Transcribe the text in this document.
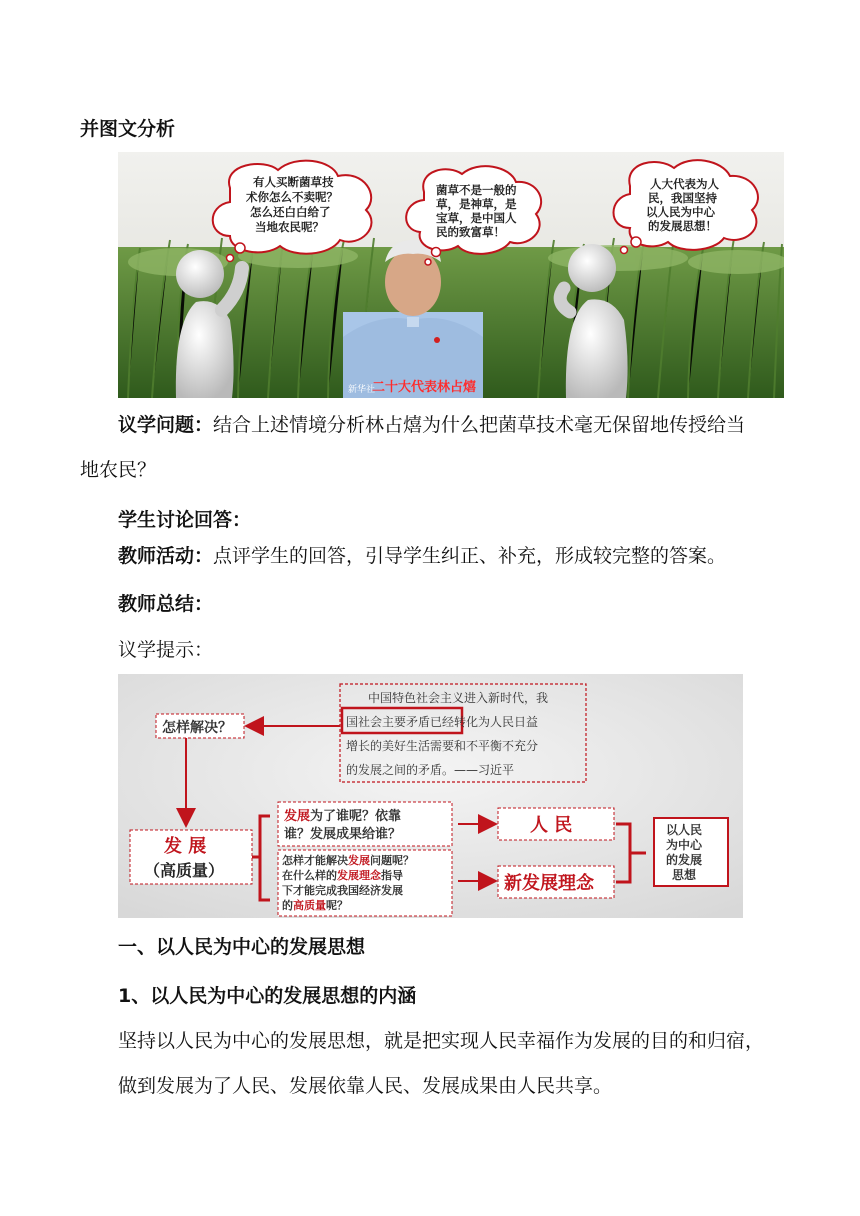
并图文分析
有人买断菌草技
术你怎么不卖呢？
怎么还白白给了
当地农民呢？
菌草不是一般的
草，是神草，是
宝草，是中国人
民的致富草！
人大代表为人
民，我国坚持
以人民为中心
的发展思想！
新华社
二十大代表林占熺
议学问题：结合上述情境分析林占熺为什么把菌草技术毫无保留地传授给当
地农民？
学生讨论回答：
教师活动：点评学生的回答，引导学生纠正、补充，形成较完整的答案。
教师总结：
议学提示：
中国特色社会主义进入新时代，我
国社会主要矛盾已经转化为人民日益
增长的美好生活需要和不平衡不充分
的发展之间的矛盾。——习近平
怎样解决？
发 展
（高质量）
发展为了谁呢？依靠
谁？发展成果给谁？
怎样才能解决发展问题呢？
在什么样的发展理念指导
下才能完成我国经济发展
的高质量呢？
人 民
新发展理念
以人民
为中心
的发展
思想
一、以人民为中心的发展思想
1、以人民为中心的发展思想的内涵
坚持以人民为中心的发展思想，就是把实现人民幸福作为发展的目的和归宿，
做到发展为了人民、发展依靠人民、发展成果由人民共享。
